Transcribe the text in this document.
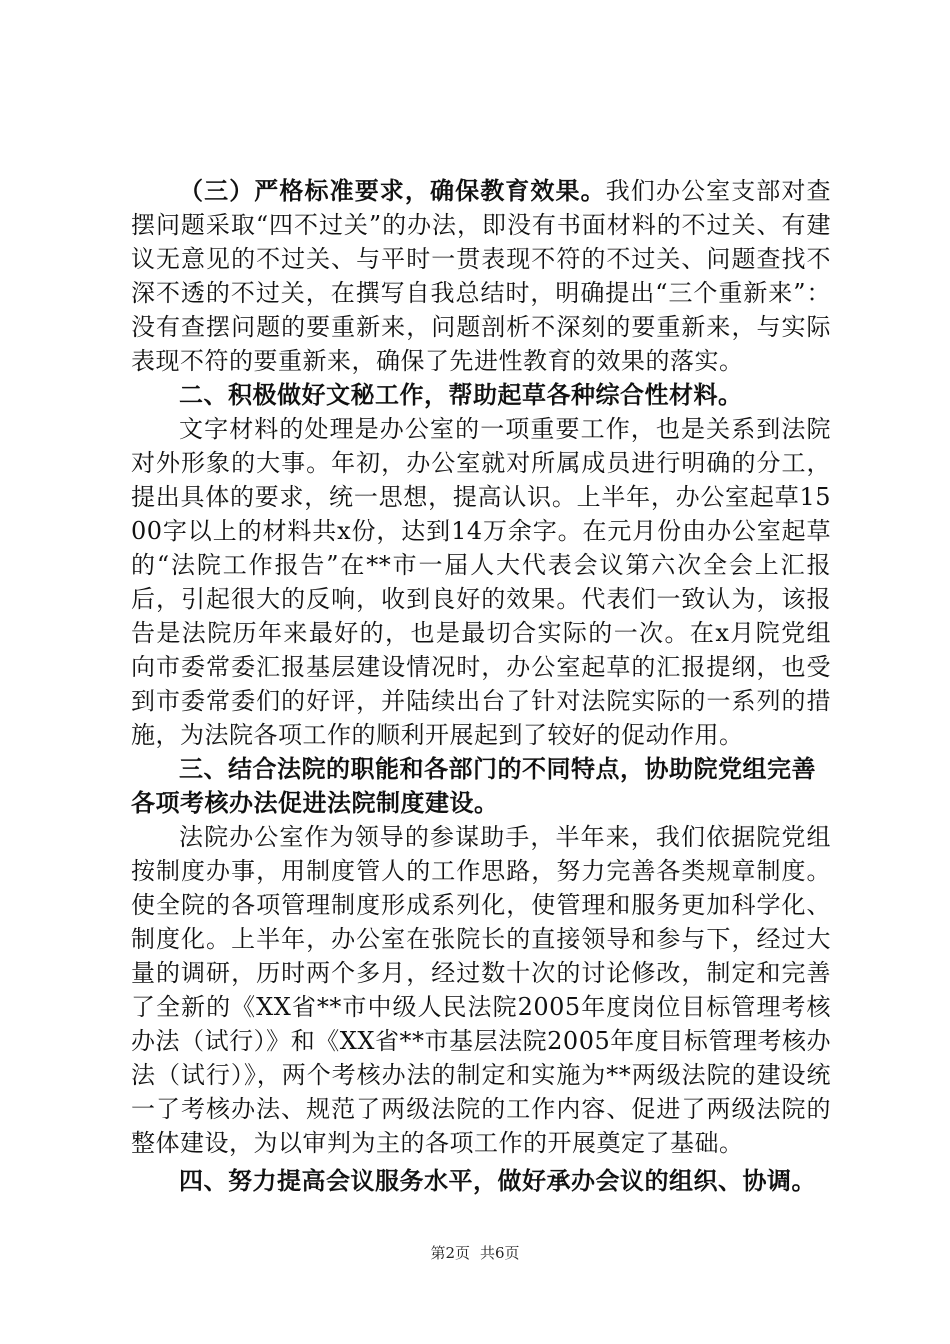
（三）严格标准要求，确保教育效果。我们办公室支部对查摆问题采取“四不过关”的办法，即没有书面材料的不过关、有建议无意见的不过关、与平时一贯表现不符的不过关、问题查找不深不透的不过关，在撰写自我总结时，明确提出“三个重新来”：没有查摆问题的要重新来，问题剖析不深刻的要重新来，与实际表现不符的要重新来，确保了先进性教育的效果的落实。

二、积极做好文秘工作，帮助起草各种综合性材料。

文字材料的处理是办公室的一项重要工作，也是关系到法院对外形象的大事。年初，办公室就对所属成员进行明确的分工，提出具体的要求，统一思想，提高认识。上半年，办公室起草1500字以上的材料共x份，达到14万余字。在元月份由办公室起草的“法院工作报告”在**市一届人大代表会议第六次全会上汇报后，引起很大的反响，收到良好的效果。代表们一致认为，该报告是法院历年来最好的，也是最切合实际的一次。在x月院党组向市委常委汇报基层建设情况时，办公室起草的汇报提纲，也受到市委常委们的好评，并陆续出台了针对法院实际的一系列的措施，为法院各项工作的顺利开展起到了较好的促动作用。

三、结合法院的职能和各部门的不同特点，协助院党组完善各项考核办法促进法院制度建设。

法院办公室作为领导的参谋助手，半年来，我们依据院党组按制度办事，用制度管人的工作思路，努力完善各类规章制度。使全院的各项管理制度形成系列化，使管理和服务更加科学化、制度化。上半年，办公室在张院长的直接领导和参与下，经过大量的调研，历时两个多月，经过数十次的讨论修改，制定和完善了全新的《XX省**市中级人民法院2005年度岗位目标管理考核办法（试行）》和《XX省**市基层法院2005年度目标管理考核办法（试行）》，两个考核办法的制定和实施为**两级法院的建设统一了考核办法、规范了两级法院的工作内容、促进了两级法院的整体建设，为以审判为主的各项工作的开展奠定了基础。

四、努力提高会议服务水平，做好承办会议的组织、协调。

第2页 共6页
